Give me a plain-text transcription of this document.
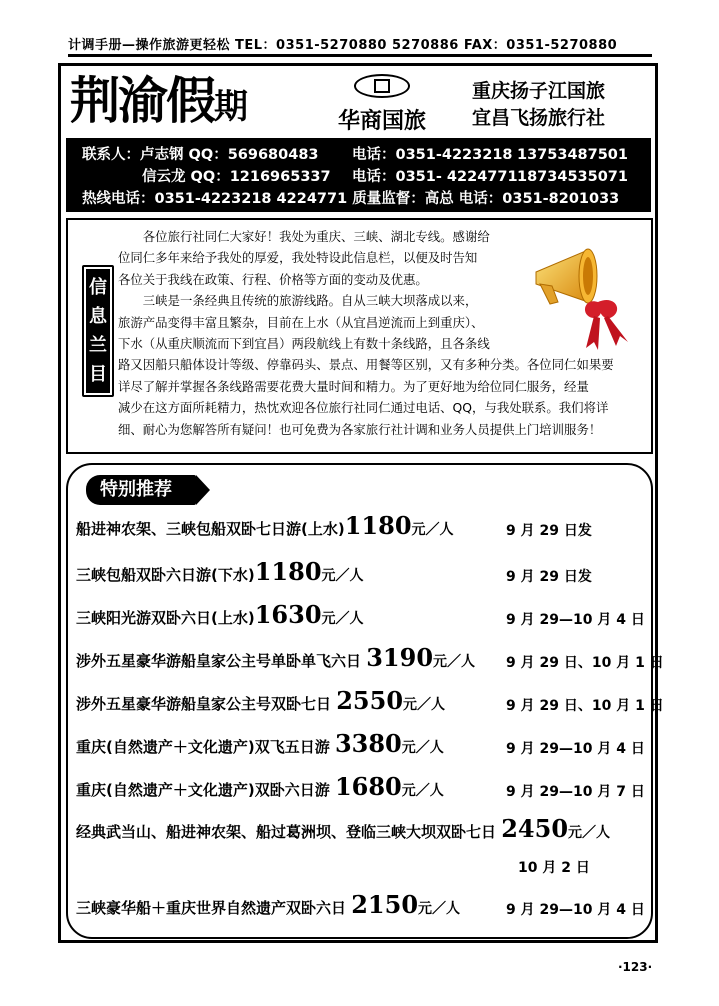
计调手册—操作旅游更轻松 TEL：0351-5270880 5270886 FAX：0351-5270880
荆渝假期	华商国旅
重庆扬子江国旅
宜昌飞扬旅行社
联系人：卢志钢 QQ：569680483 电话：0351-4223218 13753487501
信云龙 QQ：1216965337 电话：0351- 422477118734535071
热线电话：0351-4223218 4224771 质量监督：高总 电话：0351-8201033
信
息
兰
目

各位旅行社同仁大家好！我处为重庆、三峡、湖北专线。感谢给

位同仁多年来给予我处的厚爱，我处特设此信息栏，以便及时告知

各位关于我线在政策、行程、价格等方面的变动及优惠。

三峡是一条经典且传统的旅游线路。自从三峡大坝落成以来，

旅游产品变得丰富且繁杂，目前在上水（从宜昌逆流而上到重庆）、

下水（从重庆顺流而下到宜昌）两段航线上有数十条线路，且各条线

路又因船只船体设计等级、停靠码头、景点、用餐等区别，又有多种分类。各位同仁如果要

详尽了解并掌握各条线路需要花费大量时间和精力。为了更好地为给位同仁服务，经量

减少在这方面所耗精力，热忱欢迎各位旅行社同仁通过电话、QQ，与我处联系。我们将详

细、耐心为您解答所有疑问！也可免费为各家旅行社计调和业务人员提供上门培训服务！

特别推荐
船进神农架、三峡包船双卧七日游(上水)1180元／人	9 月 29 日发
三峡包船双卧六日游(下水)1180元／人	9 月 29 日发
三峡阳光游双卧六日(上水)1630元／人	9 月 29—10 月 4 日
涉外五星豪华游船皇家公主号单卧单飞六日 3190元／人 9 月 29 日、10 月 1 日
涉外五星豪华游船皇家公主号双卧七日 2550元／人	9 月 29 日、10 月 1 日
重庆(自然遗产＋文化遗产)双飞五日游 3380元／人	9 月 29—10 月 4 日
重庆(自然遗产＋文化遗产)双卧六日游 1680元／人	9 月 29—10 月 7 日
经典武当山、船进神农架、船过葛洲坝、登临三峡大坝双卧七日 2450元／人
10 月 2 日
三峡豪华船＋重庆世界自然遗产双卧六日 2150元／人	9 月 29—10 月 4 日
·123·
